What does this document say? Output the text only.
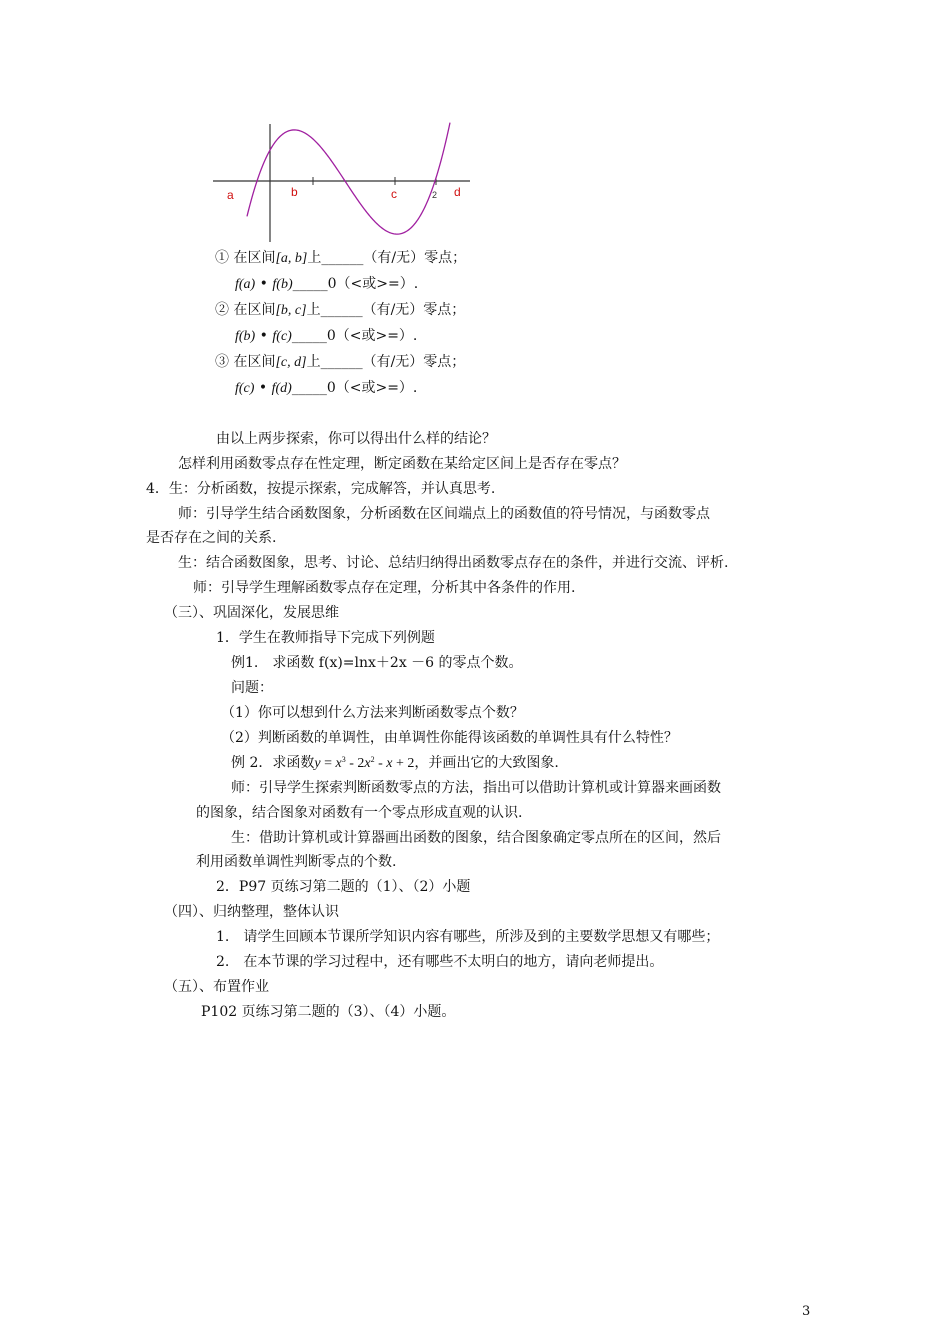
a	b	c	2 d
① 在区间[a, b]上______（有/无）零点；
f(a) • f(b)_____0（<或>=）.
② 在区间[b, c]上______（有/无）零点；
f(b) • f(c)_____0（<或>=）.
③ 在区间[c, d]上______（有/无）零点；
f(c) • f(d)_____0（<或>=）.
由以上两步探索，你可以得出什么样的结论？
怎样利用函数零点存在性定理，断定函数在某给定区间上是否存在零点？
4．生：分析函数，按提示探索，完成解答，并认真思考.
师：引导学生结合函数图象，分析函数在区间端点上的函数值的符号情况，与函数零点
是否存在之间的关系.
生：结合函数图象，思考、讨论、总结归纳得出函数零点存在的条件，并进行交流、评析.
师：引导学生理解函数零点存在定理，分析其中各条件的作用.
（三）、巩固深化，发展思维
1．学生在教师指导下完成下列例题
例1.　求函数 f(x)=lnx＋2x －6 的零点个数。
问题：
（1）你可以想到什么方法来判断函数零点个数？
（2）判断函数的单调性，由单调性你能得该函数的单调性具有什么特性？
例 2．求函数$y = x^3 - 2x^2 - x + 2$，并画出它的大致图象.
师：引导学生探索判断函数零点的方法，指出可以借助计算机或计算器来画函数
的图象，结合图象对函数有一个零点形成直观的认识.
生：借助计算机或计算器画出函数的图象，结合图象确定零点所在的区间，然后
利用函数单调性判断零点的个数.
2．P97 页练习第二题的（1）、（2）小题
（四）、归纳整理，整体认识
1.　请学生回顾本节课所学知识内容有哪些，所涉及到的主要数学思想又有哪些；
2.　在本节课的学习过程中，还有哪些不太明白的地方，请向老师提出。
（五）、布置作业
P102 页练习第二题的（3）、（4）小题。
3
